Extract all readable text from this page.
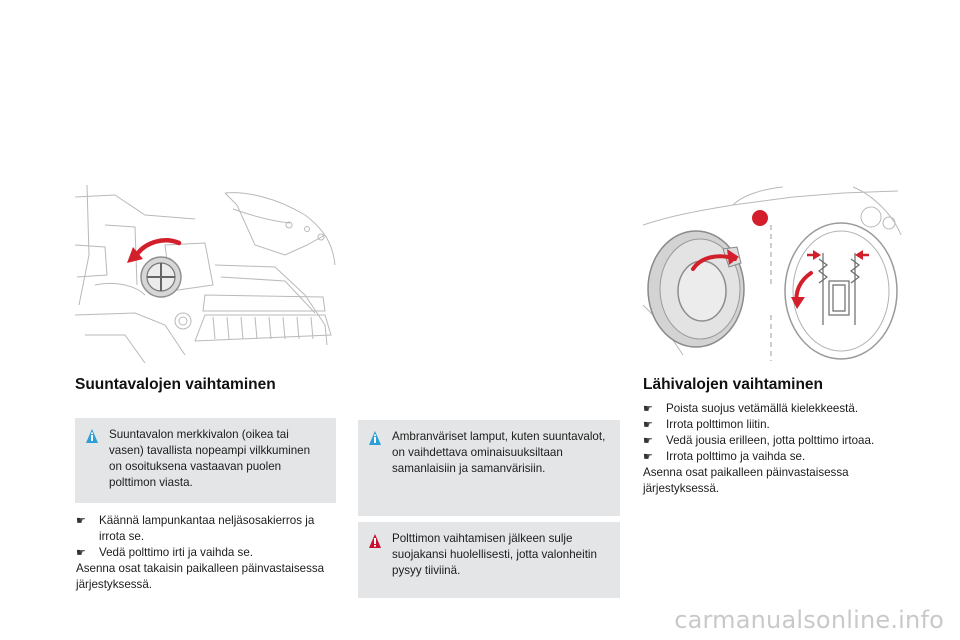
Suuntavalojen vaihtaminen
Suuntavalon merkkivalon (oikea tai vasen) tavallista nopeampi vilkkuminen on osoituksena vastaavan puolen polttimon viasta.
☛ Käännä lampunkantaa neljäsosakierros ja irrota se.
☛ Vedä polttimo irti ja vaihda se.
Asenna osat takaisin paikalleen päinvastaisessa järjestyksessä.
Ambranväriset lamput, kuten suuntavalot, on vaihdettava ominaisuuksiltaan samanlaisiin ja samanvärisiin.
Polttimon vaihtamisen jälkeen sulje suojakansi huolellisesti, jotta valonheitin pysyy tiiviinä.
Lähivalojen vaihtaminen
☛ Poista suojus vetämällä kielekkeestä.
☛ Irrota polttimon liitin.
☛ Vedä jousia erilleen, jotta polttimo irtoaa.
☛ Irrota polttimo ja vaihda se.
Asenna osat paikalleen päinvastaisessa järjestyksessä.
carmanualsonline.info
